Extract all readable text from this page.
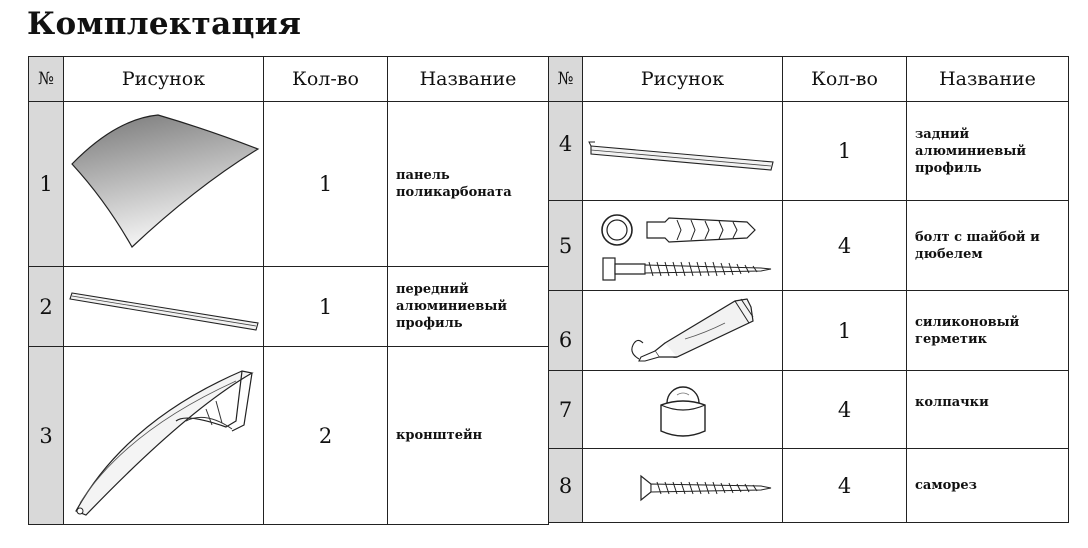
Комплектация
№	Рисунок	Кол-во	Название
1		1	панель поликарбоната
2		1	передний алюминиевый профиль
3		2	кронштейн
№	Рисунок	Кол-во	Название
4		1	задний алюминиевый профиль
5		4	болт с шайбой и дюбелем
6		1	силиконовый герметик
7		4	колпачки
8		4	саморез
